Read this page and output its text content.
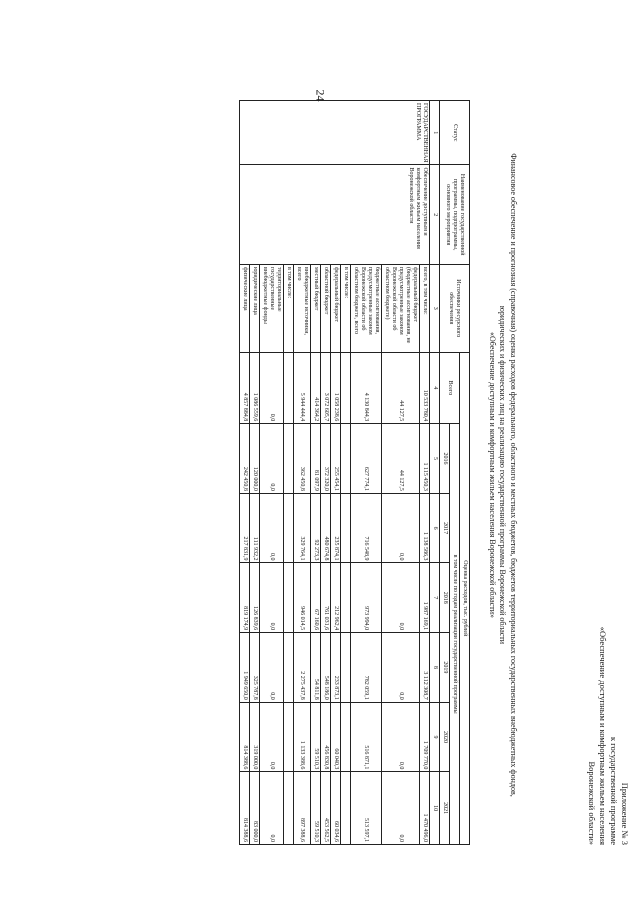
24
Приложение № 3
к государственной программе
«Обеспечение доступным и комфортным жильем населения
Воронежской области»
Финансовое обеспечение и прогнозная (справочная) оценка расходов федерального, областного и местных бюджетов, бюджетов территориальных государственных внебюджетных фондов,
юридических и физических лиц на реализацию государственной программы Воронежской области
«Обеспечение доступным и комфортным жильем населения Воронежской области»
Статус	Наименование государственной программы, подпрограммы, основного мероприятия	Источники ресурсного обеспечения	Оценка расходов, тыс. рублей						
			Всего	в том числе по годам реализации государственной программы					
				2016	2017	2018	2019	2020	2021
1	2	3	4	5	6	7	8	9	10
ГОСУДАРСТВЕННАЯ ПРОГРАММА	Обеспечение доступным и комфортным жильем населения Воронежской области	всего, в том числе:	10 533 780,4	1 115 450,3	1 138 586,3	1 987 169,1	3 112 308,7	1 709 770,0	1 470 496,0
		федеральный бюджет (бюджетные ассигнования, не предусмотренные законом Воронежской области об областном бюджете)	44 127,5	44 127,5	0,0	0,0	0,0	0,0	0,0
		бюджетные ассигнования, предусмотренные законом Воронежской области об областном бюджете, всего	4 130 844,3	627 774,1	716 548,9	973 994,0	782 059,1	516 871,1	513 597,1
		в том числе:							
		федеральный бюджет	1 058 238,6	255 454,1	235 874,1	212 962,4	233 873,1	60 040,3	60 034,6
		областной бюджет	3 072 605,7	372 320,0	480 674,8	761 031,6	548 186,0	456 830,8	453 562,5
		местный бюджет	414 364,2	81 097,9	92 273,3	67 160,6	54 811,8	59 510,3	59 510,3
		внебюджетные источники, всего	5 944 444,4	362 450,8	329 764,1	946 014,5	2 275 437,8	1 133 388,6	897 388,6
		в том числе:							
		территориальные государственные внебюджетные фонды	0,0	0,0	0,0	0,0	0,0	0,0	0,0
		юридические лица	1 086 559,6	120 000,0	111 932,2	126 839,6	325 787,8	319 000,0	83 000,0
		физические лица	4 857 884,8	242 450,8	217 831,9	819 174,9	1 949 650,0	814 388,6	814 388,6
